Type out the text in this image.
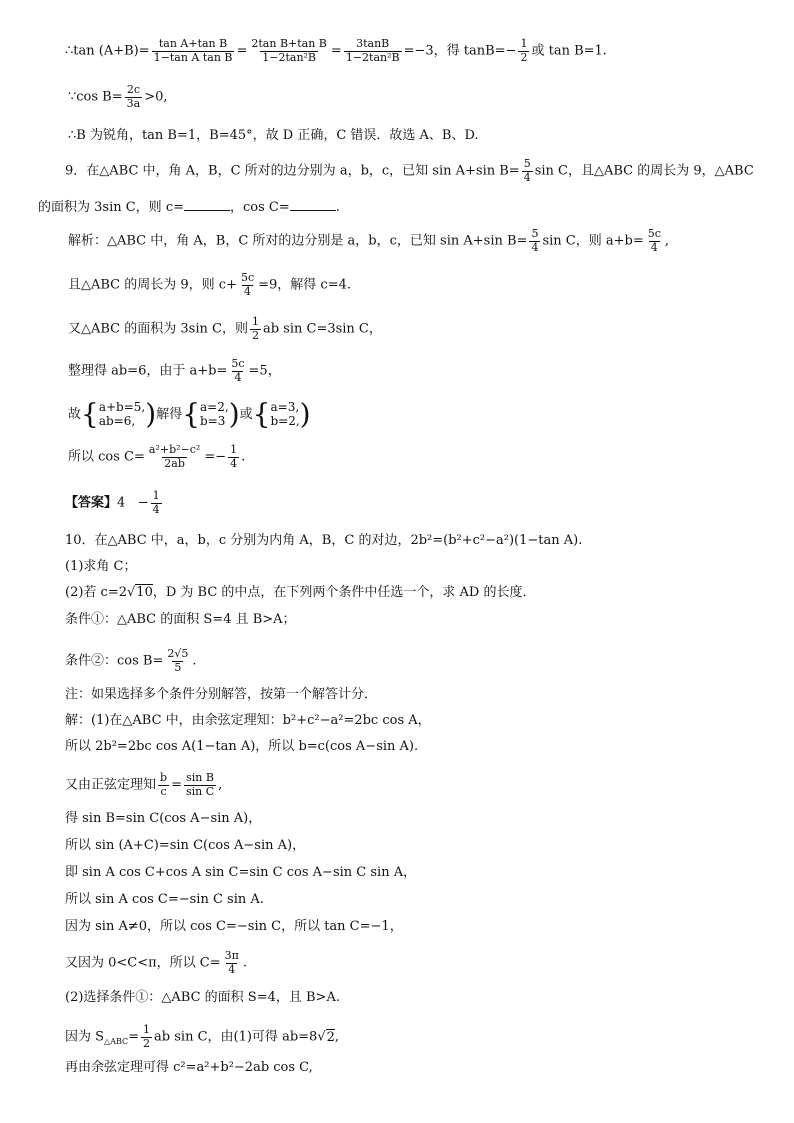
∴tan $(A+B)= \frac{\text{tan A+tan B}}{\text{1−tan A tan B}} = \frac{\text{2tan B+tan B}}{\text{1−2tan²B}} = \frac{3\tan B}{\text{1−2tan²B}} =-3$，得 $\tan B=- \frac{1}{2}$ 或 tan B=1.
∵cos $B= \frac{2c}{3a} >0$,
∴B 为锐角，tan B=1，B=45°，故 D 正确，C 错误．故选 A、B、D.
9．在△ABC 中，角 A，B，C 所对的边分别为 a，b，c，已知 sin A+sin $B= \frac{5}{4}$ sin C，且△ABC 的周长为 9，△ABC
的面积为 3sin C，则 c=	，cos C=	.
解析：△ABC 中，角 A，B，C 所对的边分别是 a，b，c，已知 sin A+sin $B= \frac{5}{4}$ sin C，则 $a+b= \frac{5c}{4}$ ,
且△ABC 的周长为 9，则 $c+ \frac{5c}{4} =9$，解得 c=4.
又△ABC 的面积为 3sin C，则 $\frac{1}{2}$ ab sin C=3sin C，
整理得 ab=6，由于 $a+b= \frac{5c}{4} =5$，
故{ a+b=5,
ab=6, )解得{ a=2,
b=3 )或{ a=3,
b=2, )
所以 $\cos C= \frac{\text{a²+b²−c²}}{2ab} =- \frac{1}{4}$ .
【答案】$4 - \frac{1}{4}$
10．在△ABC 中，a，b，c 分别为内角 A，B，C 的对边，2b²=(b²+c²−a²)(1−tan A).
(1)求角 C；
(2)若 c=2√10，D 为 BC 的中点，在下列两个条件中任选一个，求 AD 的长度．
条件①：△ABC 的面积 S=4 且 B>A；
条件②：$\cos B= \frac{2√5}{5}$ .
注：如果选择多个条件分别解答，按第一个解答计分．
解：(1)在△ABC 中，由余弦定理知：b²+c²−a²=2bc cos A，
所以 2b²=2bc cos A(1−tan A)，所以 b=c(cos A−sin A).
又由正弦定理知 $\frac{b}{c} = \frac{\text{sin B}}{\text{sin C}}$ ,
得 sin B=sin C(cos A−sin A)，
所以 sin (A+C)=sin C(cos A−sin A)，
即 sin A cos C+cos A sin C=sin C cos A−sin C sin A，
所以 sin A cos C=−sin C sin A.
因为 sin A≠0，所以 cos C=−sin C，所以 tan C=−1，
又因为 0<C<π，所以 $C= \frac{3\pi}{4}$ .
(2)选择条件①：△ABC 的面积 S=4，且 B>A.
因为 $S_{\triangle ABC}= \frac{1}{2}$ ab sin C，由(1)可得 ab=8√2,
再由余弦定理可得 c²=a²+b²−2ab cos C,
